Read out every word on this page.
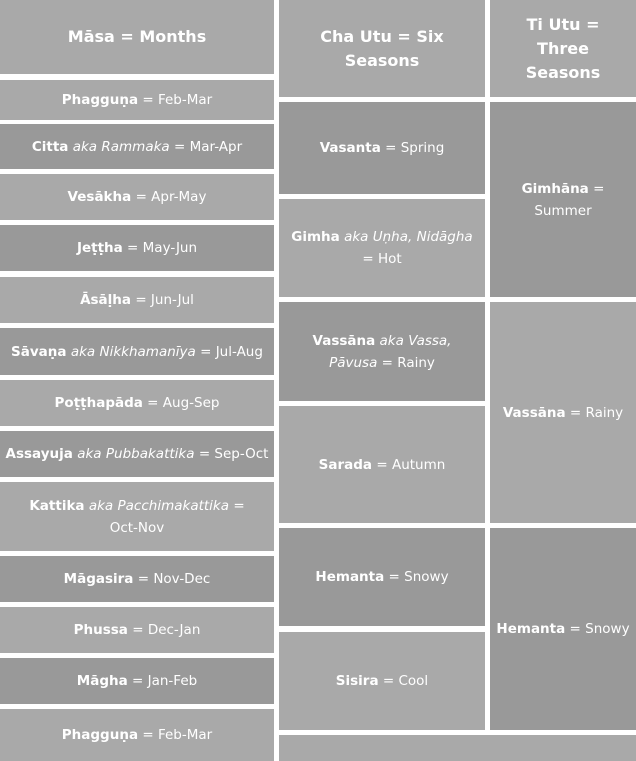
Māsa = Months
Phagguṇa = Feb-Mar
Citta aka Rammaka = Mar-Apr
Vesākha = Apr-May
Jeṭṭha = May-Jun
Āsāḷha = Jun-Jul
Sāvaṇa aka Nikkhamanīya = Jul-Aug
Poṭṭhapāda = Aug-Sep
Assayuja aka Pubbakattika = Sep-Oct
Kattika aka Pacchimakattika = Oct-Nov
Māgasira = Nov-Dec
Phussa = Dec-Jan
Māgha = Jan-Feb
Phagguṇa = Feb-Mar
Cha Utu = Six Seasons
Vasanta = Spring
Gimha aka Uṇha, Nidāgha = Hot
Vassāna aka Vassa, Pāvusa = Rainy
Sarada = Autumn
Hemanta = Snowy
Sisira = Cool
Ti Utu = Three Seasons
Gimhāna = Summer
Vassāna = Rainy
Hemanta = Snowy
